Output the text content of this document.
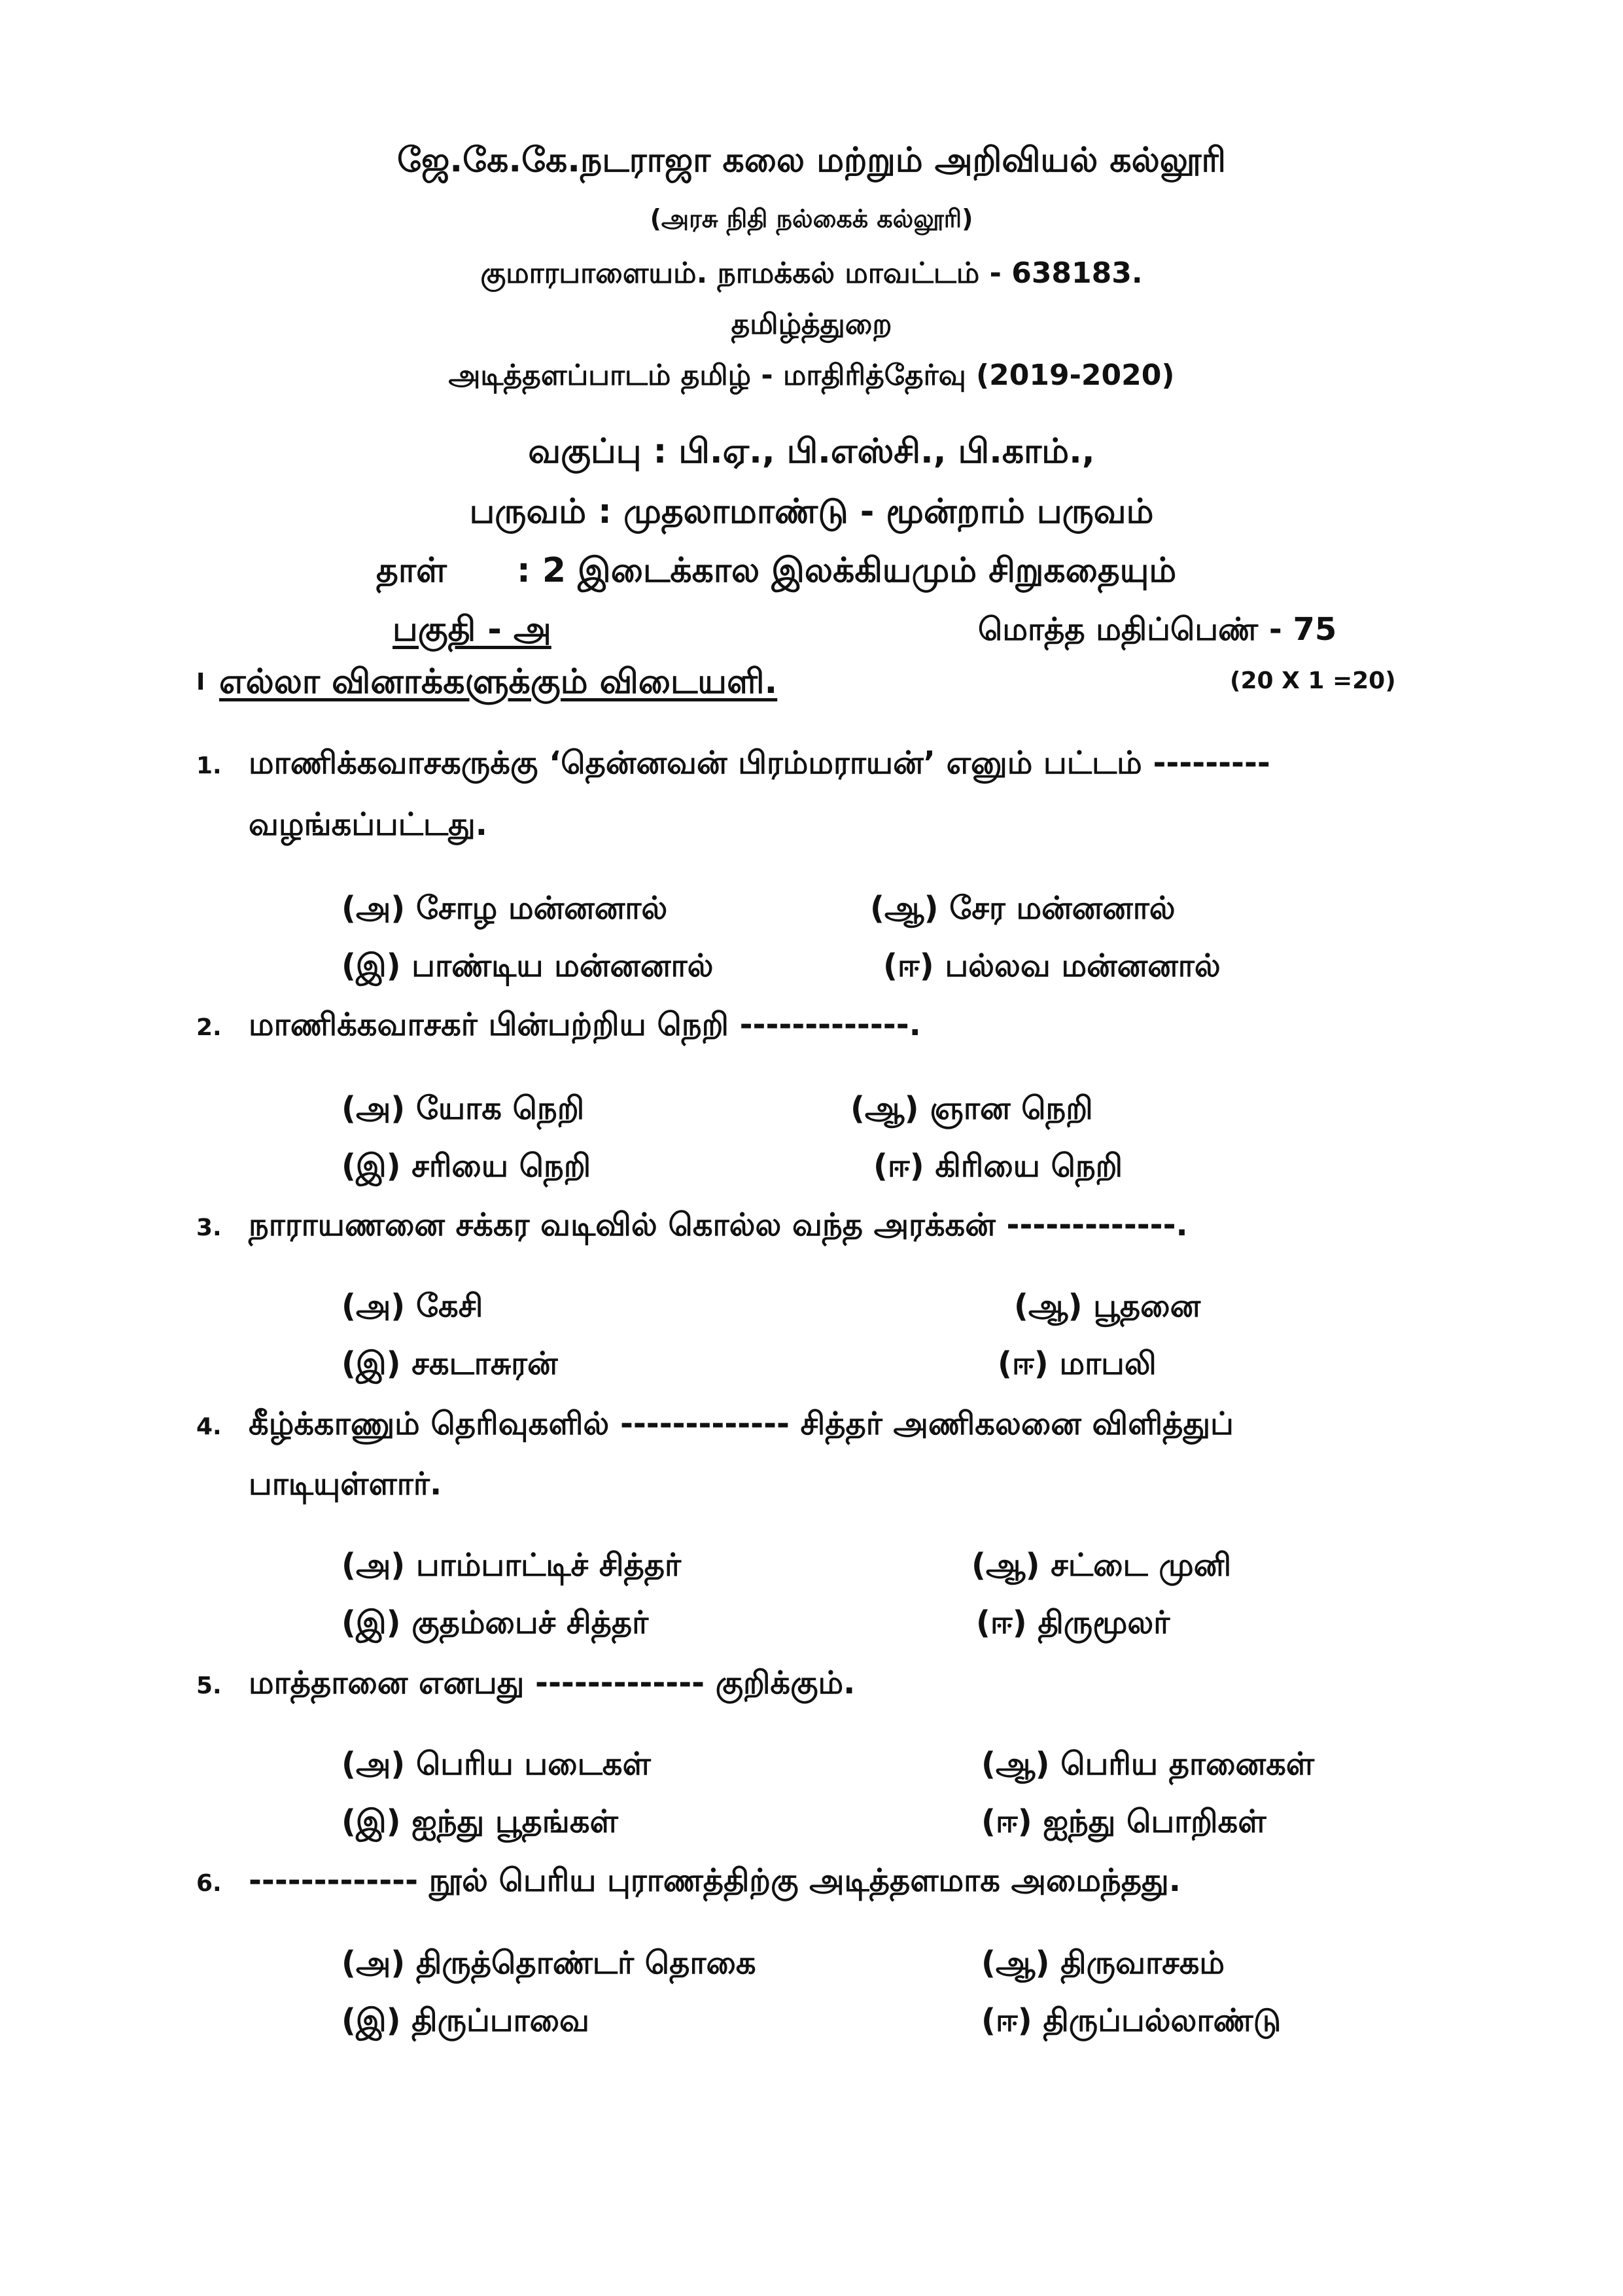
ஜே.கே.கே.நடராஜா கலை மற்றும் அறிவியல் கல்லூரி
(அரசு நிதி நல்கைக் கல்லூரி)
குமாரபாளையம். நாமக்கல் மாவட்டம் - 638183.
தமிழ்த்துறை
அடித்தளப்பாடம் தமிழ் - மாதிரித்தேர்வு (2019-2020)
வகுப்பு : பி.ஏ., பி.எஸ்சி., பி.காம்.,
பருவம் : முதலாமாண்டு - மூன்றாம் பருவம்
தாள் : 2 இடைக்கால இலக்கியமும் சிறுகதையும்
பகுதி - அ	மொத்த மதிப்பெண் - 75
I எல்லா வினாக்களுக்கும் விடையளி.	(20 X 1 =20)
1. மாணிக்கவாசகருக்கு ‘தென்னவன் பிரம்மராயன்’ எனும் பட்டம் ---------
வழங்கப்பட்டது.
(அ) சோழ மன்னனால்	(ஆ) சேர மன்னனால்
(இ) பாண்டிய மன்னனால்	(ஈ) பல்லவ மன்னனால்
2. மாணிக்கவாசகர் பின்பற்றிய நெறி -------------.
(அ) யோக நெறி	(ஆ) ஞான நெறி
(இ) சரியை நெறி	(ஈ) கிரியை நெறி
3. நாராயணனை சக்கர வடிவில் கொல்ல வந்த அரக்கன் -------------.
(அ) கேசி	(ஆ) பூதனை
(இ) சகடாசுரன்	(ஈ) மாபலி
4. கீழ்க்காணும் தெரிவுகளில் ------------- சித்தர் அணிகலனை விளித்துப்
பாடியுள்ளார்.
(அ) பாம்பாட்டிச் சித்தர்	(ஆ) சட்டை முனி
(இ) குதம்பைச் சித்தர்	(ஈ) திருமூலர்
5. மாத்தானை எனபது ------------- குறிக்கும்.
(அ) பெரிய படைகள்	(ஆ) பெரிய தானைகள்
(இ) ஐந்து பூதங்கள்	(ஈ) ஐந்து பொறிகள்
6. ------------- நூல் பெரிய புராணத்திற்கு அடித்தளமாக அமைந்தது.
(அ) திருத்தொண்டர் தொகை	(ஆ) திருவாசகம்
(இ) திருப்பாவை	(ஈ) திருப்பல்லாண்டு
